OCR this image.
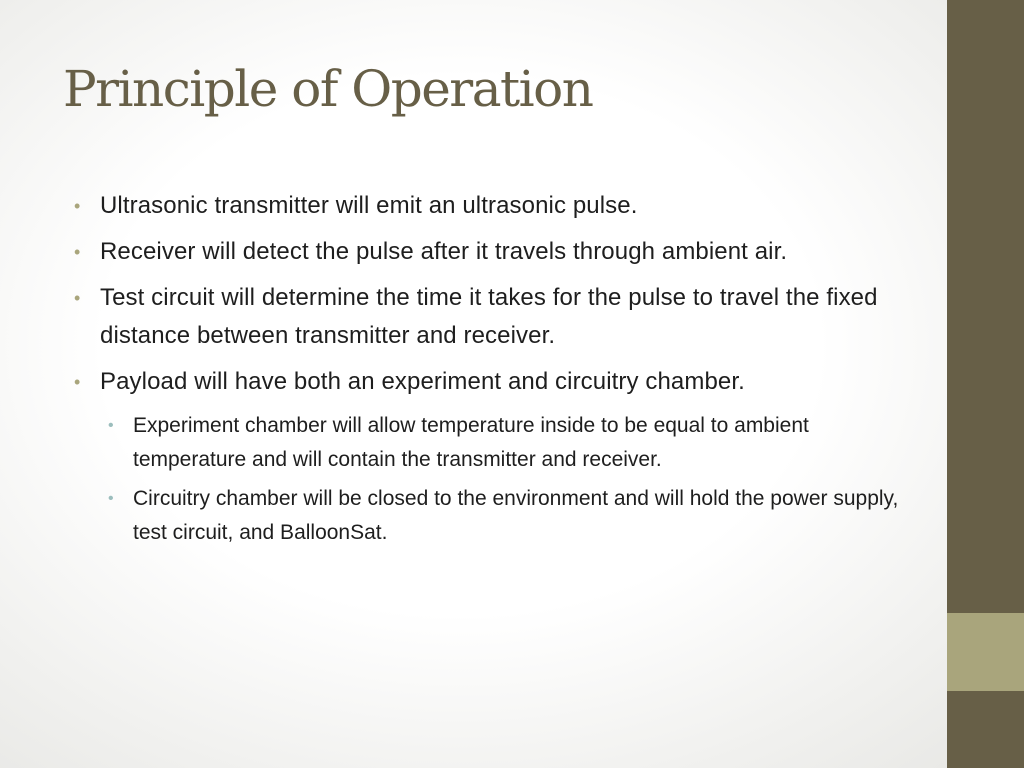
Principle of Operation
• Ultrasonic transmitter will emit an ultrasonic pulse.
• Receiver will detect the pulse after it travels through ambient air.
• Test circuit will determine the time it takes for the pulse to travel the fixed distance between transmitter and receiver.
• Payload will have both an experiment and circuitry chamber.
• Experiment chamber will allow temperature inside to be equal to ambient temperature and will contain the transmitter and receiver.
• Circuitry chamber will be closed to the environment and will hold the power supply, test circuit, and BalloonSat.
